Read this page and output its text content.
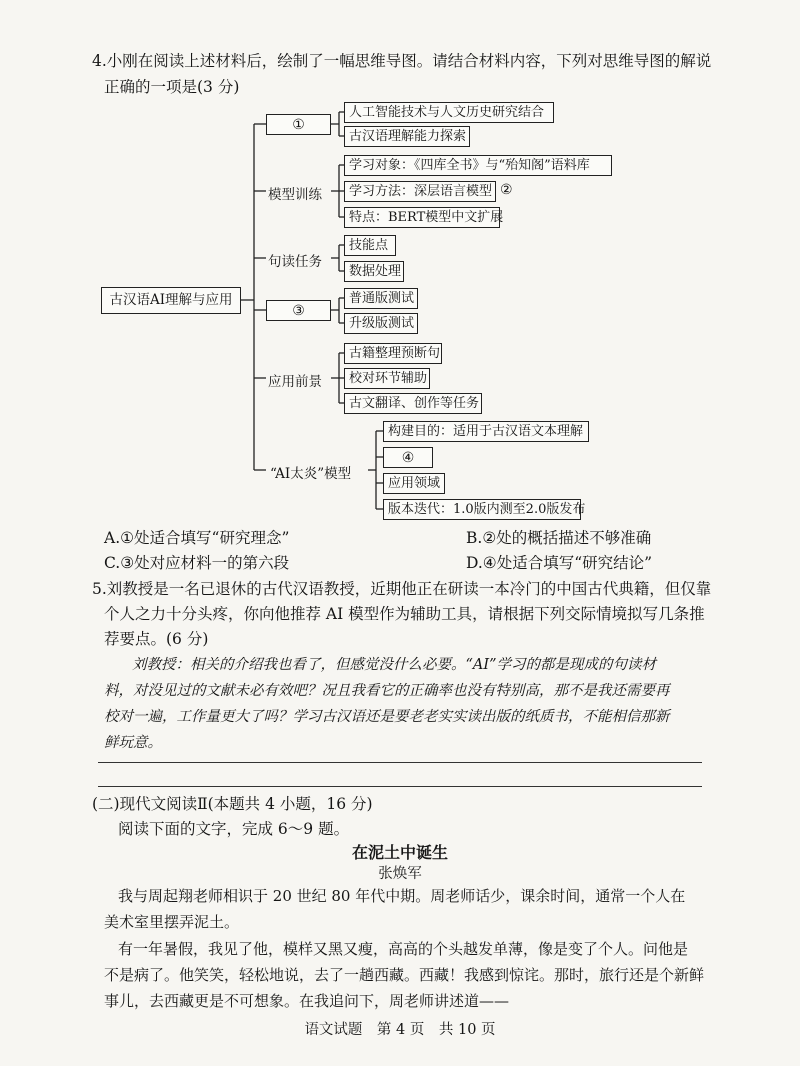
4.小刚在阅读上述材料后，绘制了一幅思维导图。请结合材料内容，下列对思维导图的解说
正确的一项是(3 分)
古汉语AI理解与应用
①
人工智能技术与人文历史研究结合
古汉语理解能力探索
模型训练
学习对象：《四库全书》与“殆知阁”语料库
学习方法：深层语言模型 ②
特点：BERT模型中文扩展
句读任务
技能点
数据处理
③
普通版测试
升级版测试
应用前景
古籍整理预断句
校对环节辅助
古文翻译、创作等任务
“AI太炎”模型
构建目的：适用于古汉语文本理解
④
应用领域
版本迭代：1.0版内测至2.0版发布
A.①处适合填写“研究理念”	B.②处的概括描述不够准确
C.③处对应材料一的第六段	D.④处适合填写“研究结论”
5.刘教授是一名已退休的古代汉语教授，近期他正在研读一本冷门的中国古代典籍，但仅靠
个人之力十分头疼，你向他推荐 AI 模型作为辅助工具，请根据下列交际情境拟写几条推
荐要点。(6 分)
刘教授：相关的介绍我也看了，但感觉没什么必要。“AI”学习的都是现成的句读材
料，对没见过的文献未必有效吧？况且我看它的正确率也没有特别高，那不是我还需要再
校对一遍，工作量更大了吗？学习古汉语还是要老老实实读出版的纸质书，不能相信那新
鲜玩意。
(二)现代文阅读Ⅱ(本题共 4 小题，16 分)
阅读下面的文字，完成 6～9 题。
在泥土中诞生
张焕军
我与周起翔老师相识于 20 世纪 80 年代中期。周老师话少，课余时间，通常一个人在
美术室里摆弄泥土。
有一年暑假，我见了他，模样又黑又瘦，高高的个头越发单薄，像是变了个人。问他是
不是病了。他笑笑，轻松地说，去了一趟西藏。西藏！我感到惊诧。那时，旅行还是个新鲜
事儿，去西藏更是不可想象。在我追问下，周老师讲述道——
语文试题　第 4 页　共 10 页
